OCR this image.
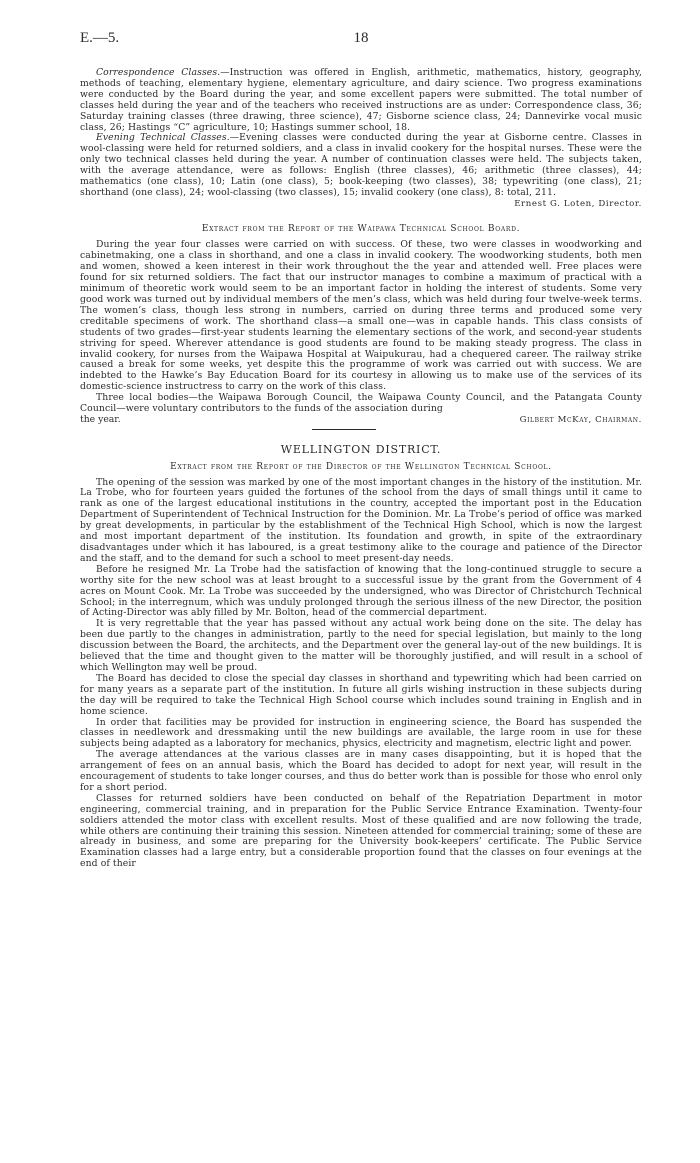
E.—5.	18

Correspondence Classes.—Instruction was offered in English, arithmetic, mathematics, history, geography, methods of teaching, elementary hygiene, elementary agriculture, and dairy science. Two progress examinations were conducted by the Board during the year, and some excellent papers were submitted. The total number of classes held during the year and of the teachers who received instructions are as under: Correspondence class, 36; Saturday training classes (three drawing, three science), 47; Gisborne science class, 24; Dannevirke vocal music class, 26; Hastings “C” agriculture, 10; Hastings summer school, 18.

Evening Technical Classes.—Evening classes were conducted during the year at Gisborne centre. Classes in wool-classing were held for returned soldiers, and a class in invalid cookery for the hospital nurses. These were the only two technical classes held during the year. A number of continuation classes were held. The subjects taken, with the average attendance, were as follows: English (three classes), 46; arithmetic (three classes), 44; mathematics (one class), 10; Latin (one class), 5; book-keeping (two classes), 38; typewriting (one class), 21; shorthand (one class), 24; wool-classing (two classes), 15; invalid cookery (one class), 8: total, 211.

Ernest G. Loten, Director.
Extract from the Report of the Waipawa Technical School Board.

During the year four classes were carried on with success. Of these, two were classes in woodworking and cabinetmaking, one a class in shorthand, and one a class in invalid cookery. The woodworking students, both men and women, showed a keen interest in their work throughout the the year and attended well. Free places were found for six returned soldiers. The fact that our instructor manages to combine a maximum of practical with a minimum of theoretic work would seem to be an important factor in holding the interest of students. Some very good work was turned out by individual members of the men’s class, which was held during four twelve-week terms. The women’s class, though less strong in numbers, carried on during three terms and produced some very creditable specimens of work. The shorthand class—a small one—was in capable hands. This class consists of students of two grades—first-year students learning the elementary sections of the work, and second-year students striving for speed. Wherever attendance is good students are found to be making steady progress. The class in invalid cookery, for nurses from the Waipawa Hospital at Waipukurau, had a chequered career. The railway strike caused a break for some weeks, yet despite this the programme of work was carried out with success. We are indebted to the Hawke’s Bay Education Board for its courtesy in allowing us to make use of the services of its domestic-science instructress to carry on the work of this class.

Three local bodies—the Waipawa Borough Council, the Waipawa County Council, and the Patangata County Council—were voluntary contributors to the funds of the association during

the year.	Gilbert McKay, Chairman.
WELLINGTON DISTRICT.
Extract from the Report of the Director of the Wellington Technical School.

The opening of the session was marked by one of the most important changes in the history of the institution. Mr. La Trobe, who for fourteen years guided the fortunes of the school from the days of small things until it came to rank as one of the largest educational institutions in the country, accepted the important post in the Education Department of Superintendent of Technical Instruction for the Dominion. Mr. La Trobe’s period of office was marked by great developments, in particular by the establishment of the Technical High School, which is now the largest and most important department of the institution. Its foundation and growth, in spite of the extraordinary disadvantages under which it has laboured, is a great testimony alike to the courage and patience of the Director and the staff, and to the demand for such a school to meet present-day needs.

Before he resigned Mr. La Trobe had the satisfaction of knowing that the long-continued struggle to secure a worthy site for the new school was at least brought to a successful issue by the grant from the Government of 4 acres on Mount Cook. Mr. La Trobe was succeeded by the undersigned, who was Director of Christchurch Technical School; in the interregnum, which was unduly prolonged through the serious illness of the new Director, the position of Acting-Director was ably filled by Mr. Bolton, head of the commercial department.

It is very regrettable that the year has passed without any actual work being done on the site. The delay has been due partly to the changes in administration, partly to the need for special legislation, but mainly to the long discussion between the Board, the architects, and the Department over the general lay-out of the new buildings. It is believed that the time and thought given to the matter will be thoroughly justified, and will result in a school of which Wellington may well be proud.

The Board has decided to close the special day classes in shorthand and typewriting which had been carried on for many years as a separate part of the institution. In future all girls wishing instruction in these subjects during the day will be required to take the Technical High School course which includes sound training in English and in home science.

In order that facilities may be provided for instruction in engineering science, the Board has suspended the classes in needlework and dressmaking until the new buildings are available, the large room in use for these subjects being adapted as a laboratory for mechanics, physics, electricity and magnetism, electric light and power.

The average attendances at the various classes are in many cases disappointing, but it is hoped that the arrangement of fees on an annual basis, which the Board has decided to adopt for next year, will result in the encouragement of students to take longer courses, and thus do better work than is possible for those who enrol only for a short period.

Classes for returned soldiers have been conducted on behalf of the Repatriation Department in motor engineering, commercial training, and in preparation for the Public Service Entrance Examination. Twenty-four soldiers attended the motor class with excellent results. Most of these qualified and are now following the trade, while others are continuing their training this session. Nineteen attended for commercial training; some of these are already in business, and some are preparing for the University book-keepers’ certificate. The Public Service Examination classes had a large entry, but a considerable proportion found that the classes on four evenings at the end of their
